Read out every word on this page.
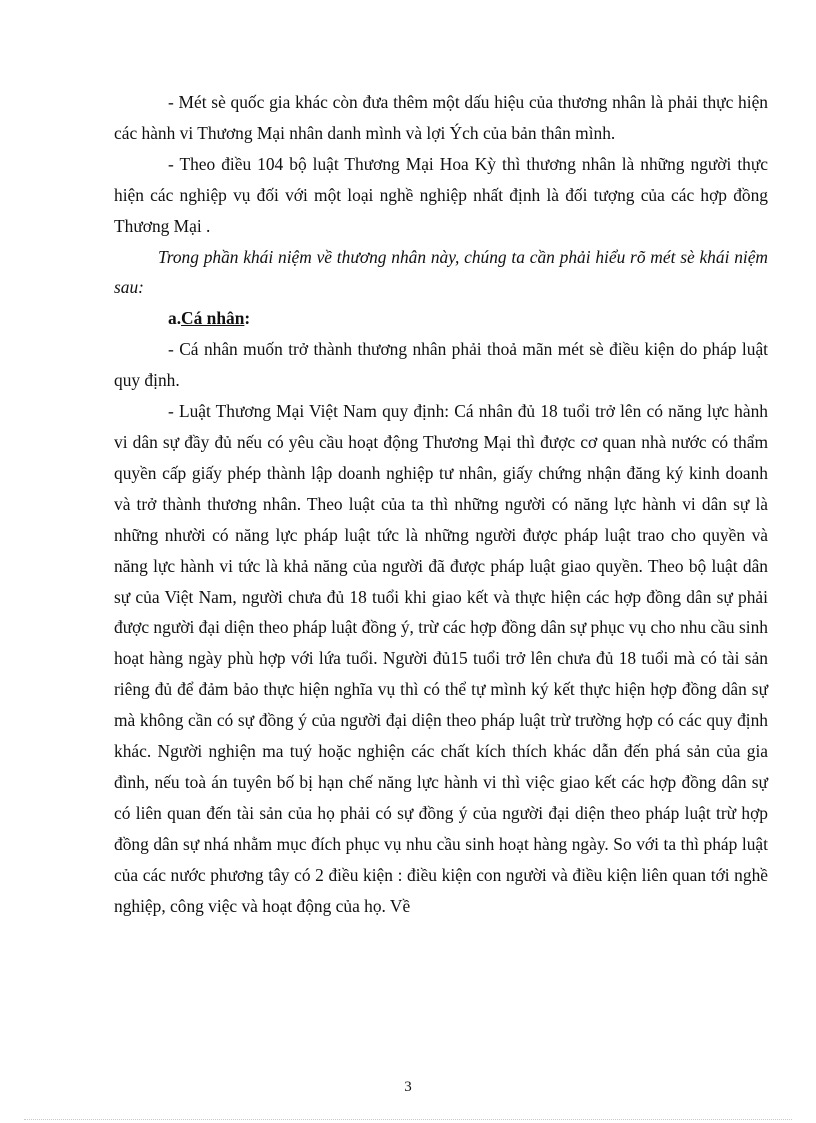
- Mét sè quốc gia khác còn đưa thêm một dấu hiệu của thương nhân là phải thực hiện các hành vi Thương Mại nhân danh mình và lợi Ých của bản thân mình.

- Theo điều 104 bộ luật Thương Mại Hoa Kỳ thì thương nhân là những người thực hiện các nghiệp vụ đối với một loại nghề nghiệp nhất định là đối tượng của các hợp đồng Thương Mại .

Trong phần khái niệm về thương nhân này, chúng ta cần phải hiểu rõ mét sè khái niệm sau:

a.Cá nhân:

- Cá nhân muốn trở thành thương nhân phải thoả mãn mét sè điều kiện do pháp luật quy định.

- Luật Thương Mại Việt Nam quy định: Cá nhân đủ 18 tuổi trở lên có năng lực hành vi dân sự đầy đủ nếu có yêu cầu hoạt động Thương Mại thì được cơ quan nhà nước có thẩm quyền cấp giấy phép thành lập doanh nghiệp tư nhân, giấy chứng nhận đăng ký kinh doanh và trở thành thương nhân. Theo luật của ta thì những người có năng lực hành vi dân sự là những nhười có năng lực pháp luật tức là những người được pháp luật trao cho quyền và năng lực hành vi tức là khả năng của người đã được pháp luật giao quyền. Theo bộ luật dân sự của Việt Nam, người chưa đủ 18 tuổi khi giao kết và thực hiện các hợp đồng dân sự phải được người đại diện theo pháp luật đồng ý, trừ các hợp đồng dân sự phục vụ cho nhu cầu sinh hoạt hàng ngày phù hợp với lứa tuổi. Người đủ15 tuổi trở lên chưa đủ 18 tuổi mà có tài sản riêng đủ để đảm bảo thực hiện nghĩa vụ thì có thể tự mình ký kết thực hiện hợp đồng dân sự mà không cần có sự đồng ý của người đại diện theo pháp luật trừ trường hợp có các quy định khác. Người nghiện ma tuý hoặc nghiện các chất kích thích khác dẫn đến phá sản của gia đình, nếu toà án tuyên bố bị hạn chế năng lực hành vi thì việc giao kết các hợp đồng dân sự có liên quan đến tài sản của họ phải có sự đồng ý của người đại diện theo pháp luật trừ hợp đồng dân sự nhá nhằm mục đích phục vụ nhu cầu sinh hoạt hàng ngày. So với ta thì pháp luật của các nước phương tây có 2 điều kiện : điều kiện con người và điều kiện liên quan tới nghề nghiệp, công việc và hoạt động của họ. Về

3
